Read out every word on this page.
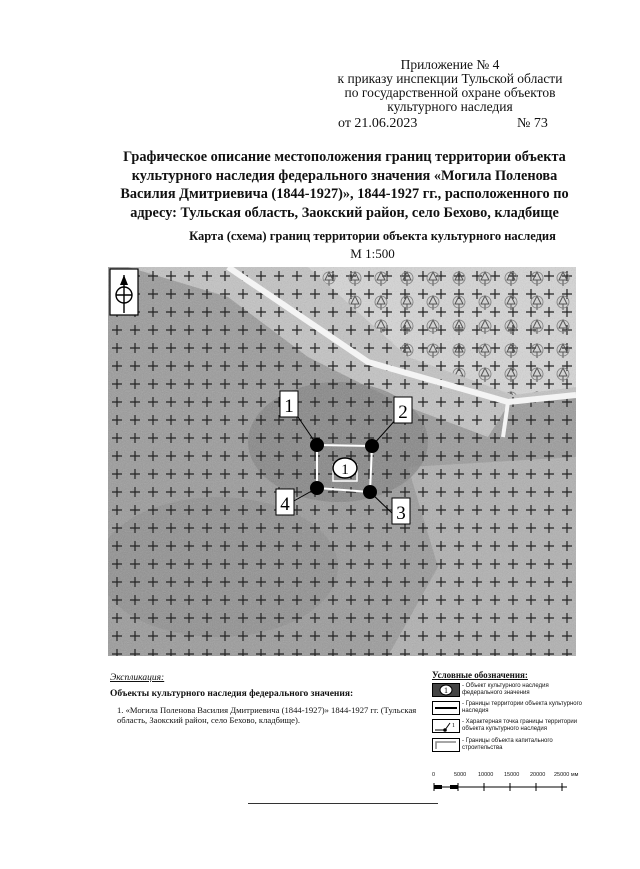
Приложение № 4
к приказу инспекции Тульской области
по государственной охране объектов
культурного наследия
от 21.06.2023	№ 73
Графическое описание местоположения границ территории объекта
культурного наследия федерального значения «Могила Поленова
Василия Дмитриевича (1844-1927)», 1844-1927 гг., расположенного по
адресу: Тульская область, Заокский район, село Бехово, кладбище
Карта (схема) границ территории объекта культурного наследия
М 1:500
1
1	2
3
4
Экспликация:
Объекты культурного наследия федерального значения:
1. «Могила Поленова Василия Дмитриевича (1844-1927)» 1844-1927 гг. (Тульская область, Заокский район, село Бехово, кладбище).
Условные обозначения:
1 - Объект культурного наследия федерального значения
- Границы территории объекта культурного наследия
1
- Характерная точка границы территории объекта культурного наследия
- Границы объекта капитального строительства
0	5000 10000 15000 20000 25000 мм
